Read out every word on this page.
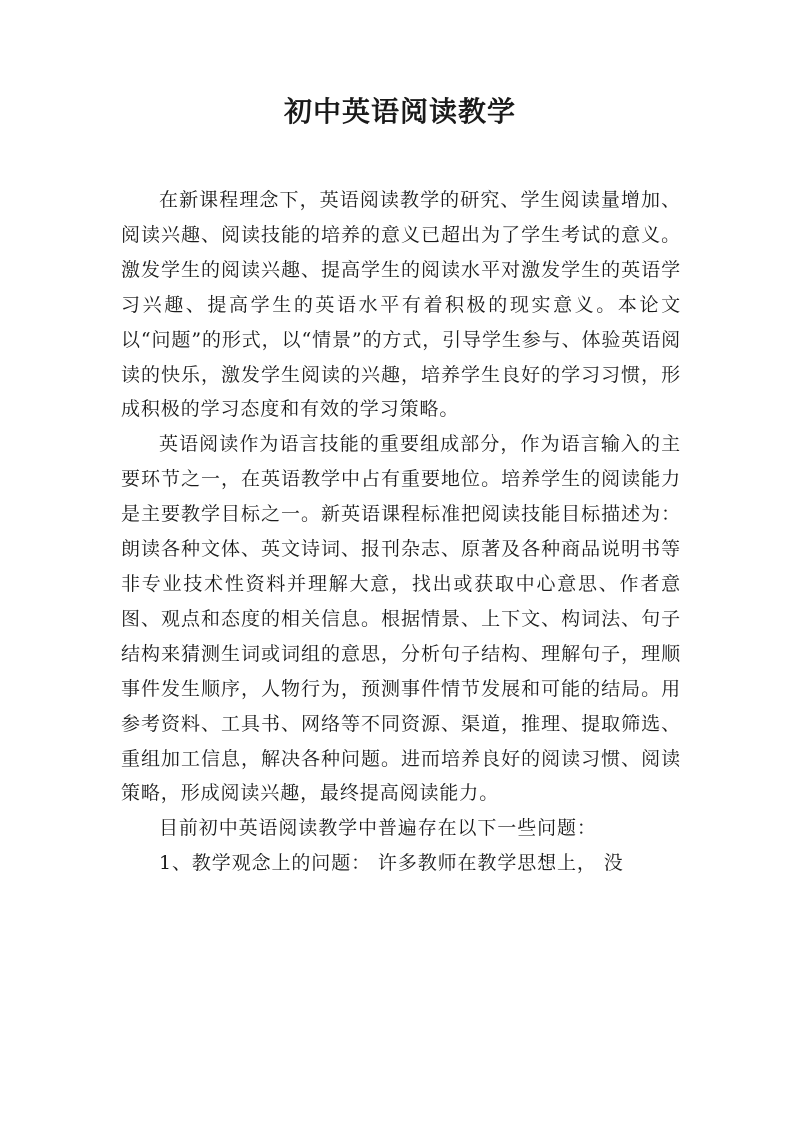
初中英语阅读教学

在新课程理念下，英语阅读教学的研究、学生阅读量增加、阅读兴趣、阅读技能的培养的意义已超出为了学生考试的意义。激发学生的阅读兴趣、提高学生的阅读水平对激发学生的英语学习兴趣、提高学生的英语水平有着积极的现实意义。本论文以“问题”的形式，以“情景”的方式，引导学生参与、体验英语阅读的快乐，激发学生阅读的兴趣，培养学生良好的学习习惯，形成积极的学习态度和有效的学习策略。

英语阅读作为语言技能的重要组成部分，作为语言输入的主要环节之一，在英语教学中占有重要地位。培养学生的阅读能力是主要教学目标之一。新英语课程标准把阅读技能目标描述为：朗读各种文体、英文诗词、报刊杂志、原著及各种商品说明书等非专业技术性资料并理解大意，找出或获取中心意思、作者意图、观点和态度的相关信息。根据情景、上下文、构词法、句子结构来猜测生词或词组的意思，分析句子结构、理解句子，理顺事件发生顺序，人物行为，预测事件情节发展和可能的结局。用参考资料、工具书、网络等不同资源、渠道，推理、提取筛选、重组加工信息，解决各种问题。进而培养良好的阅读习惯、阅读策略，形成阅读兴趣，最终提高阅读能力。

目前初中英语阅读教学中普遍存在以下一些问题：

1、教学观念上的问题： 许多教师在教学思想上， 没
